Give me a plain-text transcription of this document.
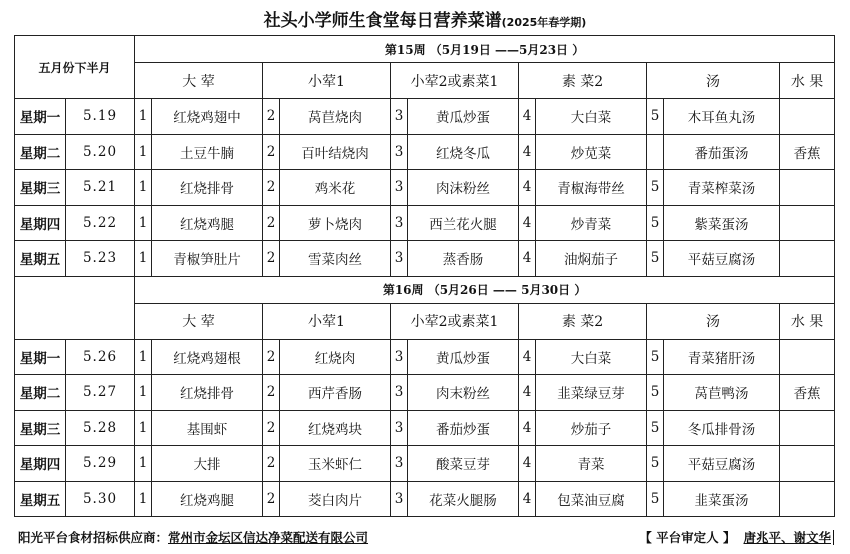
社头小学师生食堂每日营养菜谱(2025年春学期)
五月份下半月		第15周 （5月19日 ——5月23日 ）										
		大 荤		小荤1		小荤2或素菜1		素 菜2		汤		水 果
星期一	5.19	1	红烧鸡翅中	2	莴苣烧肉	3	黄瓜炒蛋	4	大白菜	5	木耳鱼丸汤	
星期二	5.20	1	土豆牛腩	2	百叶结烧肉	3	红烧冬瓜	4	炒苋菜		番茄蛋汤	香蕉
星期三	5.21	1	红烧排骨	2	鸡米花	3	肉沫粉丝	4	青椒海带丝	5	青菜榨菜汤	
星期四	5.22	1	红烧鸡腿	2	萝卜烧肉	3	西兰花火腿	4	炒青菜	5	紫菜蛋汤	
星期五	5.23	1	青椒笋肚片	2	雪菜肉丝	3	蒸香肠	4	油焖茄子	5	平菇豆腐汤	
		第16周 （5月26日 —— 5月30日 ）										
		大 荤		小荤1		小荤2或素菜1		素 菜2		汤		水 果
星期一	5.26	1	红烧鸡翅根	2	红烧肉	3	黄瓜炒蛋	4	大白菜	5	青菜猪肝汤	
星期二	5.27	1	红烧排骨	2	西芹香肠	3	肉末粉丝	4	韭菜绿豆芽	5	莴苣鸭汤	香蕉
星期三	5.28	1	基围虾	2	红烧鸡块	3	番茄炒蛋	4	炒茄子	5	冬瓜排骨汤	
星期四	5.29	1	大排	2	玉米虾仁	3	酸菜豆芽	4	青菜	5	平菇豆腐汤	
星期五	5.30	1	红烧鸡腿	2	茭白肉片	3	花菜火腿肠	4	包菜油豆腐	5	韭菜蛋汤	
阳光平台食材招标供应商：常州市金坛区信达净菜配送有限公司	【 平台审定人 】 唐兆平、谢文华
